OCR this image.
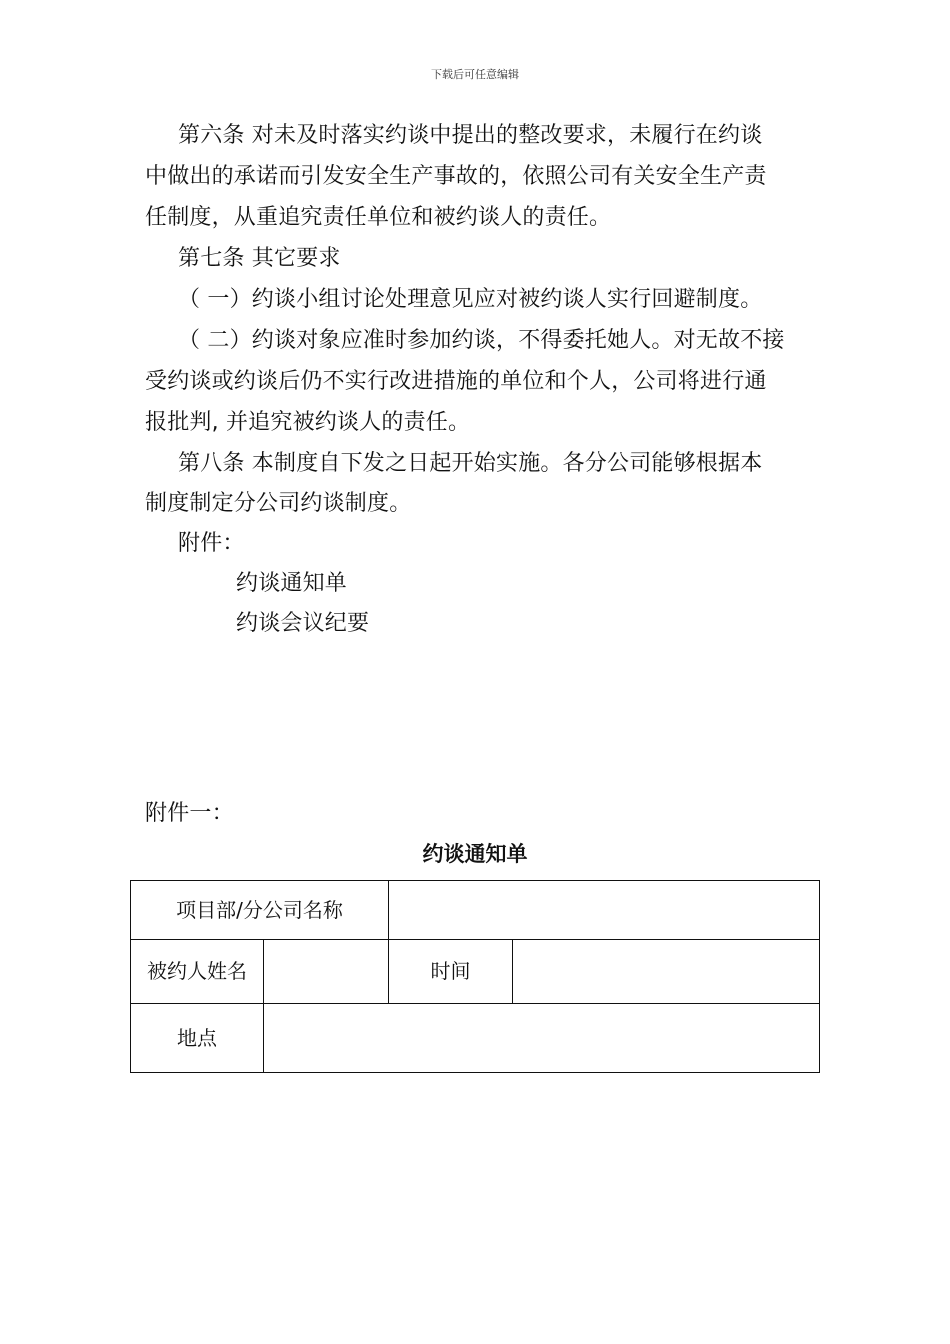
下载后可任意编辑
第六条 对未及时落实约谈中提出的整改要求，未履行在约谈
中做出的承诺而引发安全生产事故的，依照公司有关安全生产责
任制度，从重追究责任单位和被约谈人的责任。
第七条 其它要求
（ 一）约谈小组讨论处理意见应对被约谈人实行回避制度。
（ 二）约谈对象应准时参加约谈，不得委托她人。对无故不接
受约谈或约谈后仍不实行改进措施的单位和个人，公司将进行通
报批判, 并追究被约谈人的责任。
第八条 本制度自下发之日起开始实施。各分公司能够根据本
制度制定分公司约谈制度。
附件：
约谈通知单
约谈会议纪要
附件一：
约谈通知单
项目部/分公司名称
被约人姓名	时间
地点
